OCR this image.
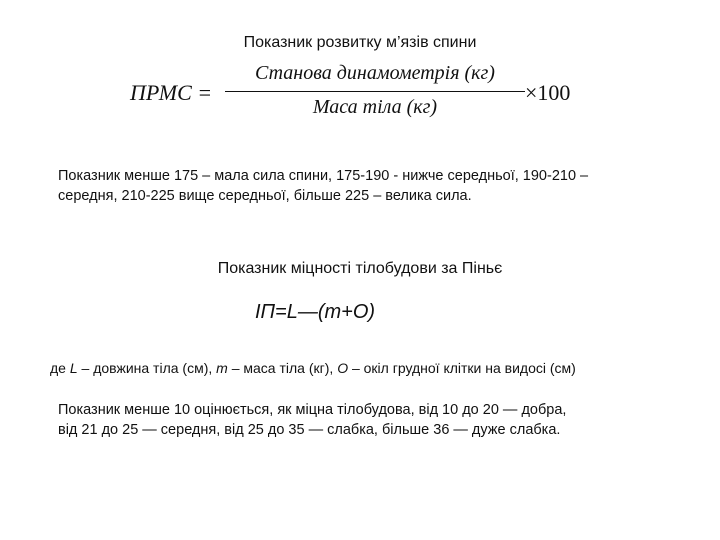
Показник розвитку м’язів спини
ПРМС =
Станова динамометрія (кг)
Маса тіла (кг)
×100
Показник менше 175 – мала сила спини, 175-190 - нижче середньої, 190-210 –
середня, 210-225 вище середньої, більше 225 – велика сила.
Показник міцності тілобудови за Піньє
ІП=L—(m+O)
де L – довжина тіла (см), m – маса тіла (кг), О – окіл грудної клітки на видосі (см)
Показник менше 10 оцінюється, як міцна тілобудова, від 10 до 20 — добра,
від 21 до 25 — середня, від 25 до 35 — слабка, більше 36 — дуже слабка.
